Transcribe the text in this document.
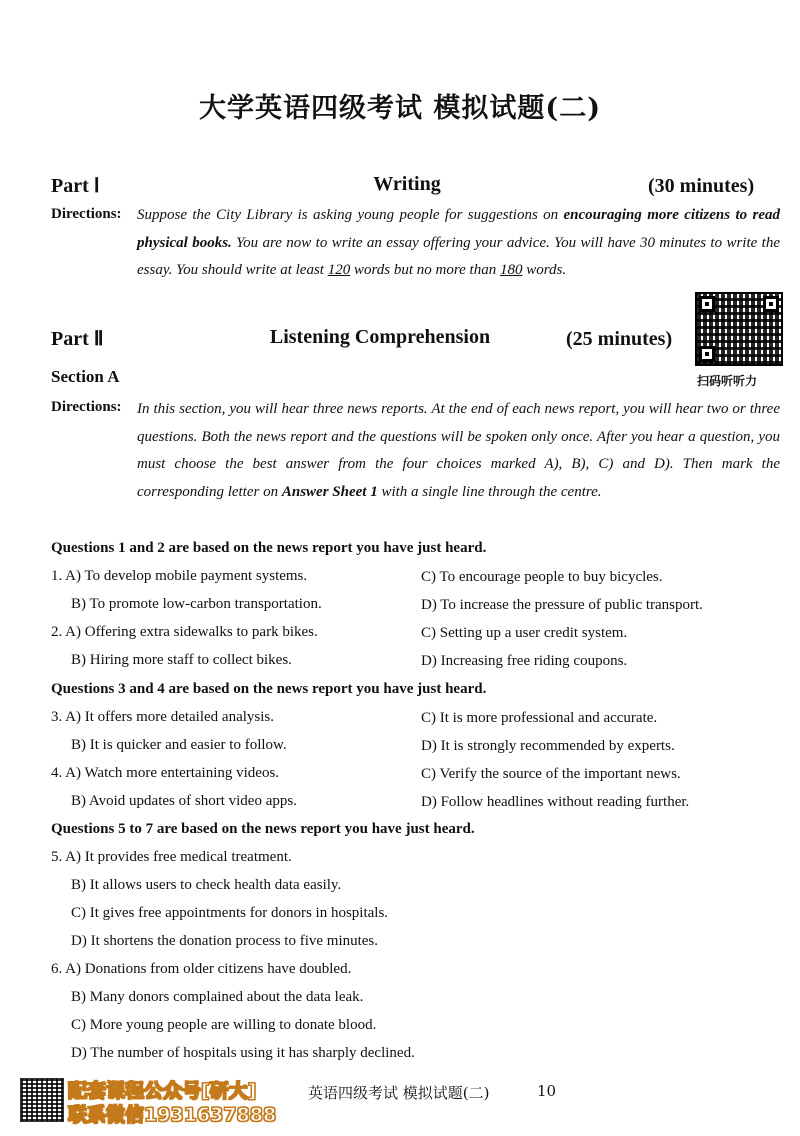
大学英语四级考试 模拟试题(二)
Part Ⅰ	Writing	(30 minutes)
Directions: Suppose the City Library is asking young people for suggestions on encouraging more citizens to read physical books. You are now to write an essay offering your advice. You will have 30 minutes to write the essay. You should write at least 120 words but no more than 180 words.
扫码听听力
Part Ⅱ	Listening Comprehension	(25 minutes)
Section A
Directions: In this section, you will hear three news reports. At the end of each news report, you will hear two or three questions. Both the news report and the questions will be spoken only once. After you hear a question, you must choose the best answer from the four choices marked A), B), C) and D). Then mark the corresponding letter on Answer Sheet 1 with a single line through the centre.
Questions 1 and 2 are based on the news report you have just heard.
1. A) To develop mobile payment systems.	C) To encourage people to buy bicycles.
B) To promote low-carbon transportation.	D) To increase the pressure of public transport.
2. A) Offering extra sidewalks to park bikes.	C) Setting up a user credit system.
B) Hiring more staff to collect bikes.	D) Increasing free riding coupons.
Questions 3 and 4 are based on the news report you have just heard.
3. A) It offers more detailed analysis.	C) It is more professional and accurate.
B) It is quicker and easier to follow.	D) It is strongly recommended by experts.
4. A) Watch more entertaining videos.	C) Verify the source of the important news.
B) Avoid updates of short video apps.	D) Follow headlines without reading further.
Questions 5 to 7 are based on the news report you have just heard.
5. A) It provides free medical treatment.
B) It allows users to check health data easily.
C) It gives free appointments for donors in hospitals.
D) It shortens the donation process to five minutes.
6. A) Donations from older citizens have doubled.
B) Many donors complained about the data leak.
C) More young people are willing to donate blood.
D) The number of hospitals using it has sharply declined.
配套课程公众号[研大]
联系微信1931637888
英语四级考试 模拟试题(二)	10
